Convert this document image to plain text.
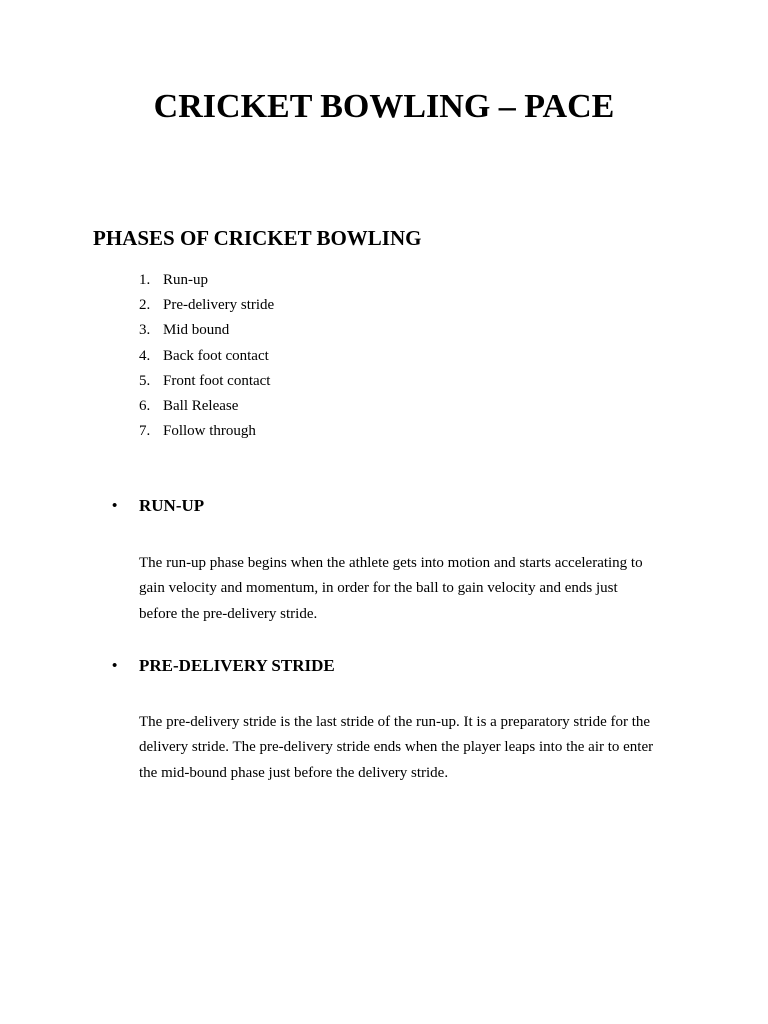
CRICKET BOWLING – PACE
PHASES OF CRICKET BOWLING
1. Run-up
2. Pre-delivery stride
3. Mid bound
4. Back foot contact
5. Front foot contact
6. Ball Release
7. Follow through
• RUN-UP

The run-up phase begins when the athlete gets into motion and starts accelerating to
gain velocity and momentum, in order for the ball to gain velocity and ends just
before the pre-delivery stride.

• PRE-DELIVERY STRIDE

The pre-delivery stride is the last stride of the run-up. It is a preparatory stride for the
delivery stride. The pre-delivery stride ends when the player leaps into the air to enter
the mid-bound phase just before the delivery stride.
